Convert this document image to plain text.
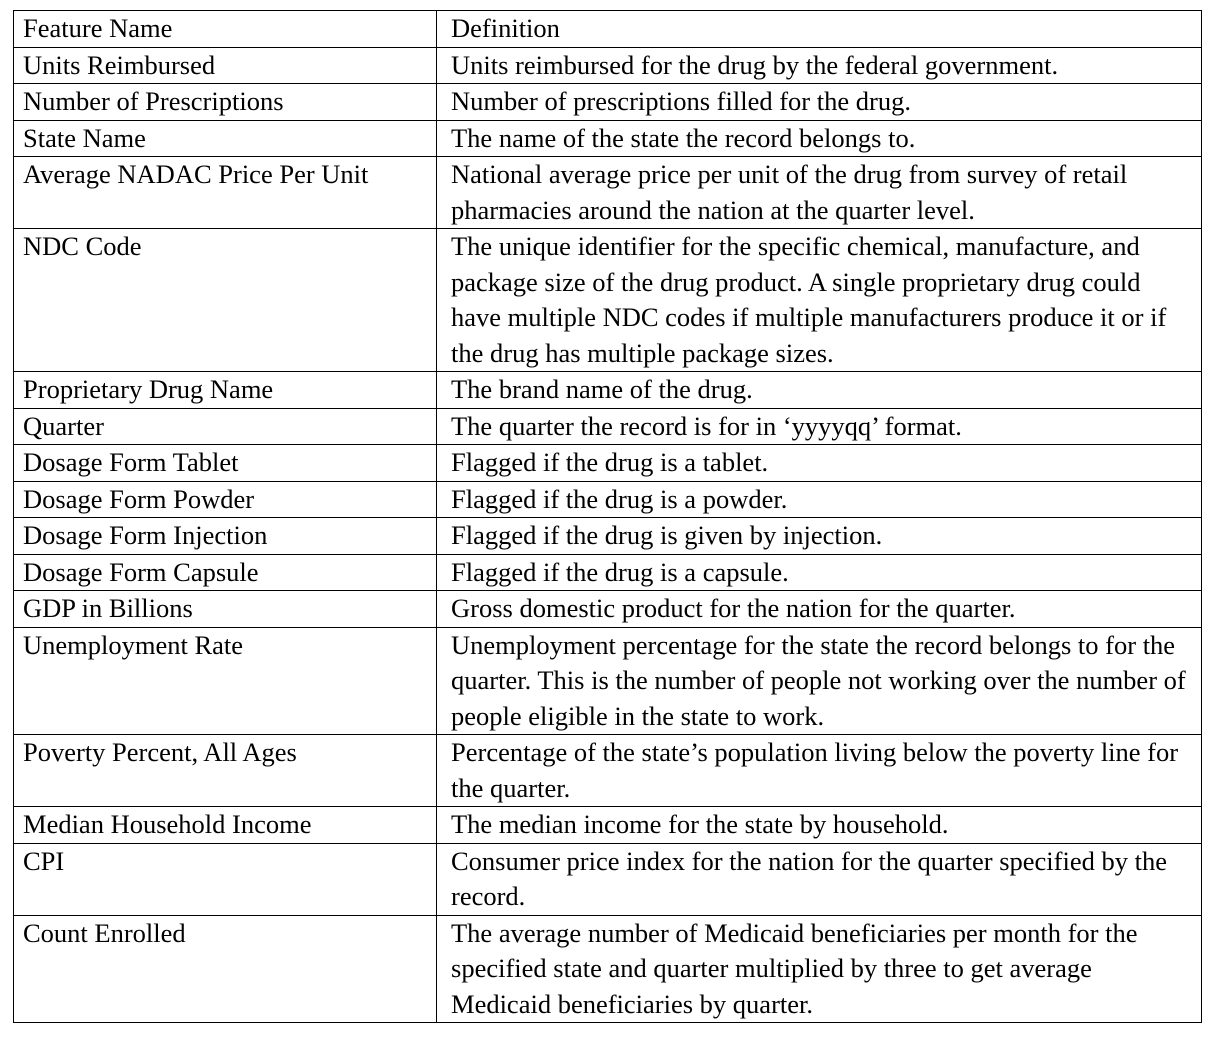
Feature Name	Definition
Units Reimbursed	Units reimbursed for the drug by the federal government.
Number of Prescriptions	Number of prescriptions filled for the drug.
State Name	The name of the state the record belongs to.
Average NADAC Price Per Unit	National average price per unit of the drug from survey of retail pharmacies around the nation at the quarter level.
NDC Code	The unique identifier for the specific chemical, manufacture, and package size of the drug product. A single proprietary drug could have multiple NDC codes if multiple manufacturers produce it or if the drug has multiple package sizes.
Proprietary Drug Name	The brand name of the drug.
Quarter	The quarter the record is for in ‘yyyyqq’ format.
Dosage Form Tablet	Flagged if the drug is a tablet.
Dosage Form Powder	Flagged if the drug is a powder.
Dosage Form Injection	Flagged if the drug is given by injection.
Dosage Form Capsule	Flagged if the drug is a capsule.
GDP in Billions	Gross domestic product for the nation for the quarter.
Unemployment Rate	Unemployment percentage for the state the record belongs to for the quarter. This is the number of people not working over the number of people eligible in the state to work.
Poverty Percent, All Ages	Percentage of the state’s population living below the poverty line for the quarter.
Median Household Income	The median income for the state by household.
CPI	Consumer price index for the nation for the quarter specified by the record.
Count Enrolled	The average number of Medicaid beneficiaries per month for the specified state and quarter multiplied by three to get average Medicaid beneficiaries by quarter.
